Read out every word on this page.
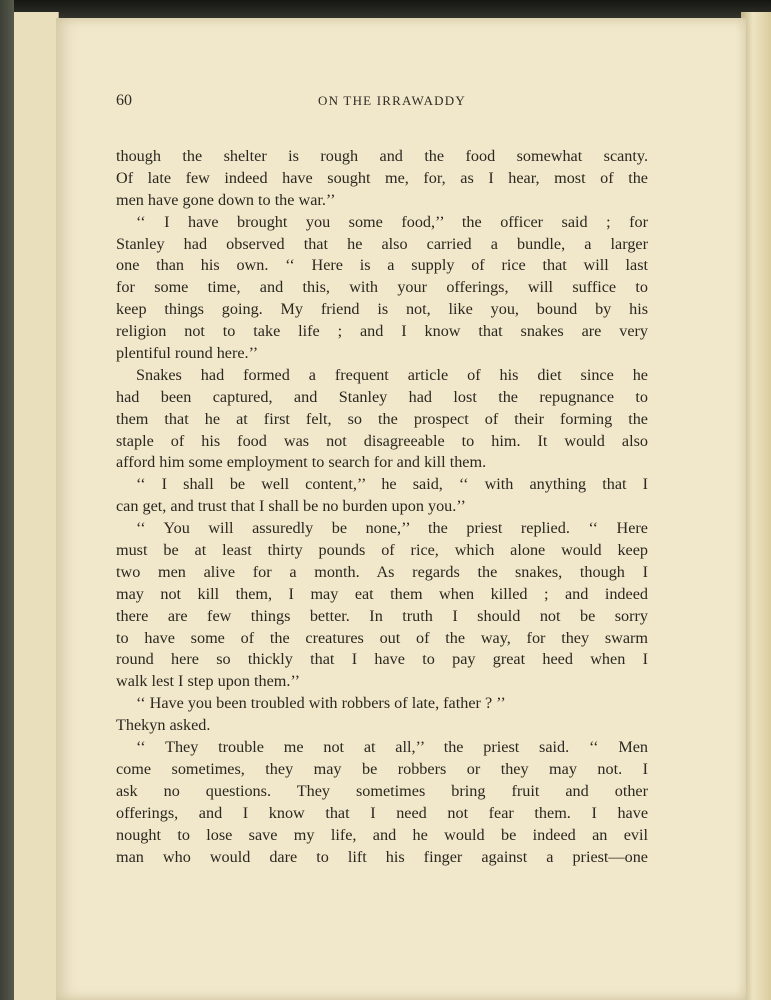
60	ON THE IRRAWADDY
though the shelter is rough and the food somewhat scanty.
Of late few indeed have sought me, for, as I hear, most of the
men have gone down to the war.’’
‘‘ I have brought you some food,’’ the officer said ; for
Stanley had observed that he also carried a bundle, a larger
one than his own. ‘‘ Here is a supply of rice that will last
for some time, and this, with your offerings, will suffice to
keep things going. My friend is not, like you, bound by his
religion not to take life ; and I know that snakes are very
plentiful round here.’’
Snakes had formed a frequent article of his diet since he
had been captured, and Stanley had lost the repugnance to
them that he at first felt, so the prospect of their forming the
staple of his food was not disagreeable to him. It would also
afford him some employment to search for and kill them.
‘‘ I shall be well content,’’ he said, ‘‘ with anything that I
can get, and trust that I shall be no burden upon you.’’
‘‘ You will assuredly be none,’’ the priest replied. ‘‘ Here
must be at least thirty pounds of rice, which alone would keep
two men alive for a month. As regards the snakes, though I
may not kill them, I may eat them when killed ; and indeed
there are few things better. In truth I should not be sorry
to have some of the creatures out of the way, for they swarm
round here so thickly that I have to pay great heed when I
walk lest I step upon them.’’
‘‘ Have you been troubled with robbers of late, father ? ’’
Thekyn asked.
‘‘ They trouble me not at all,’’ the priest said. ‘‘ Men
come sometimes, they may be robbers or they may not. I
ask no questions. They sometimes bring fruit and other
offerings, and I know that I need not fear them. I have
nought to lose save my life, and he would be indeed an evil
man who would dare to lift his finger against a priest—one
